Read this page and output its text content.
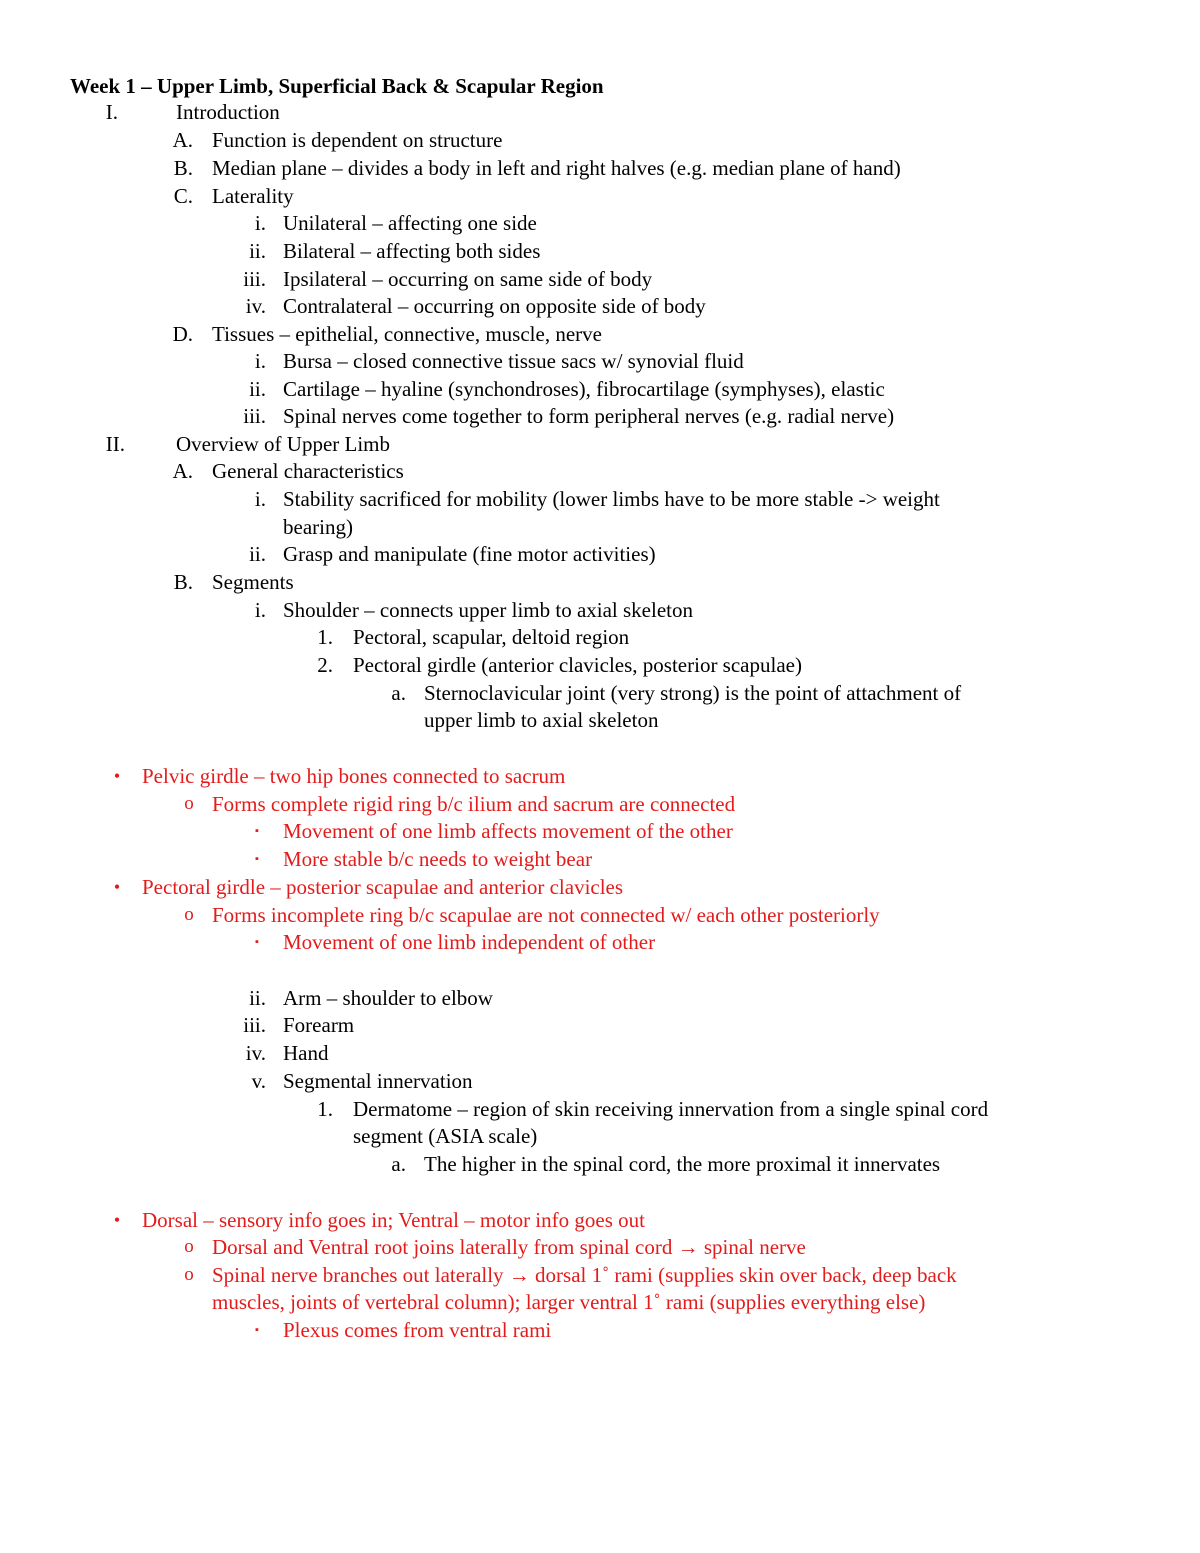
Week 1 – Upper Limb, Superficial Back & Scapular Region
I.	Introduction
A. Function is dependent on structure
B. Median plane – divides a body in left and right halves (e.g. median plane of hand)
C. Laterality
i. Unilateral – affecting one side
ii. Bilateral – affecting both sides
iii. Ipsilateral – occurring on same side of body
iv. Contralateral – occurring on opposite side of body
D. Tissues – epithelial, connective, muscle, nerve
i. Bursa – closed connective tissue sacs w/ synovial fluid
ii. Cartilage – hyaline (synchondroses), fibrocartilage (symphyses), elastic
iii. Spinal nerves come together to form peripheral nerves (e.g. radial nerve)
II. Overview of Upper Limb
A. General characteristics
i. Stability sacrificed for mobility (lower limbs have to be more stable -> weight
bearing)
ii. Grasp and manipulate (fine motor activities)
B. Segments
i. Shoulder – connects upper limb to axial skeleton
1. Pectoral, scapular, deltoid region
2. Pectoral girdle (anterior clavicles, posterior scapulae)
a. Sternoclavicular joint (very strong) is the point of attachment of
upper limb to axial skeleton
• Pelvic girdle – two hip bones connected to sacrum
o Forms complete rigid ring b/c ilium and sacrum are connected
▪ Movement of one limb affects movement of the other
▪ More stable b/c needs to weight bear
• Pectoral girdle – posterior scapulae and anterior clavicles
o Forms incomplete ring b/c scapulae are not connected w/ each other posteriorly
▪ Movement of one limb independent of other
ii. Arm – shoulder to elbow
iii. Forearm
iv. Hand
v. Segmental innervation
1. Dermatome – region of skin receiving innervation from a single spinal cord
segment (ASIA scale)
a. The higher in the spinal cord, the more proximal it innervates
• Dorsal – sensory info goes in; Ventral – motor info goes out
o Dorsal and Ventral root joins laterally from spinal cord → spinal nerve
o Spinal nerve branches out laterally → dorsal 1˚ rami (supplies skin over back, deep back
muscles, joints of vertebral column); larger ventral 1˚ rami (supplies everything else)
▪ Plexus comes from ventral rami
